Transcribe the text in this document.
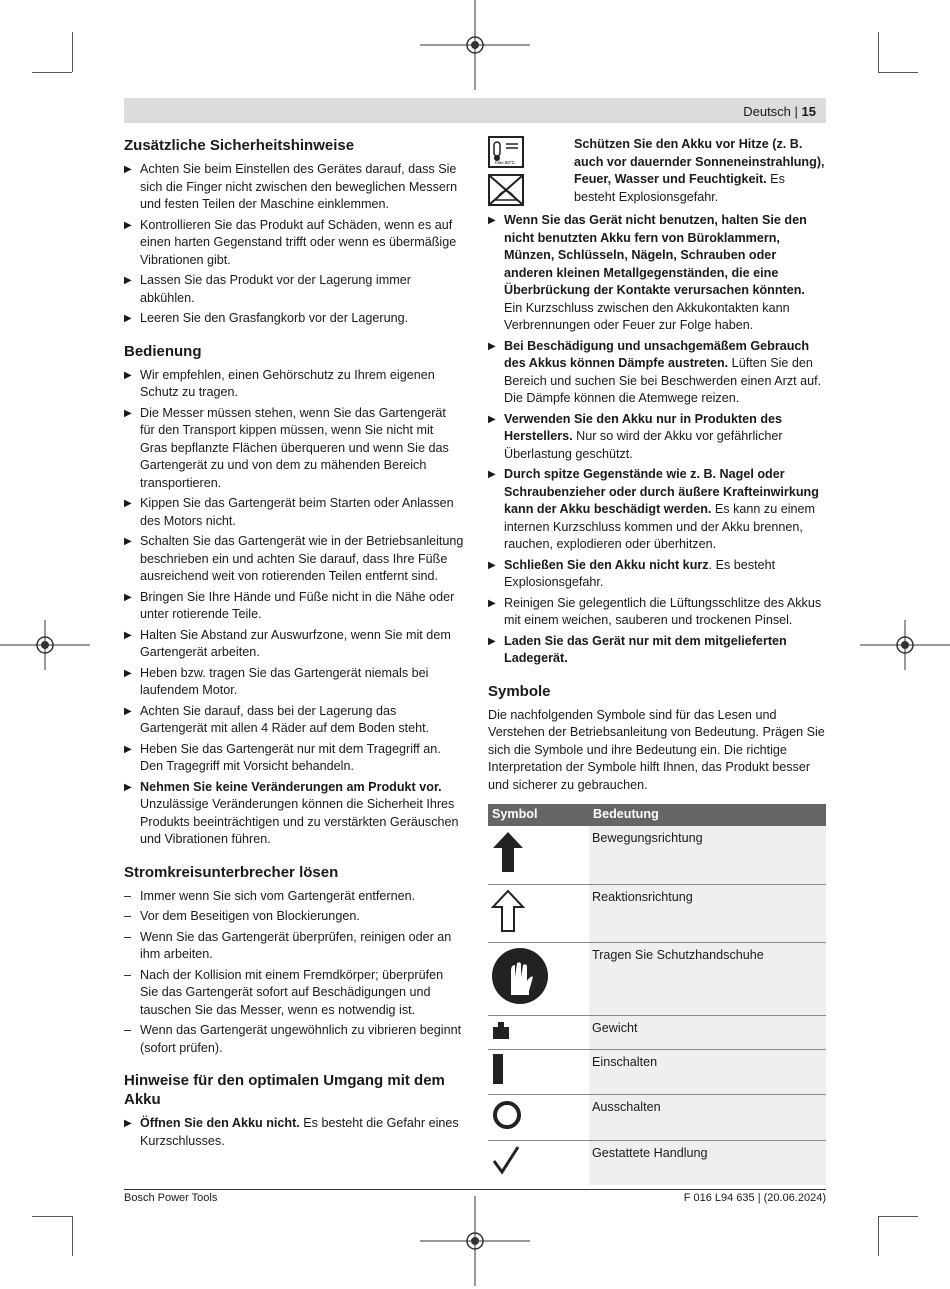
Deutsch | 15
Zusätzliche Sicherheitshinweise
▶ Achten Sie beim Einstellen des Gerätes darauf, dass Sie sich die Finger nicht zwischen den beweglichen Messern und festen Teilen der Maschine einklemmen.
▶ Kontrollieren Sie das Produkt auf Schäden, wenn es auf einen harten Gegenstand trifft oder wenn es übermäßige Vibrationen gibt.
▶ Lassen Sie das Produkt vor der Lagerung immer abkühlen.
▶ Leeren Sie den Grasfangkorb vor der Lagerung.
Bedienung
▶ Wir empfehlen, einen Gehörschutz zu Ihrem eigenen Schutz zu tragen.
▶ Die Messer müssen stehen, wenn Sie das Gartengerät für den Transport kippen müssen, wenn Sie nicht mit Gras bepflanzte Flächen überqueren und wenn Sie das Gartengerät zu und von dem zu mähenden Bereich transportieren.
▶ Kippen Sie das Gartengerät beim Starten oder Anlassen des Motors nicht.
▶ Schalten Sie das Gartengerät wie in der Betriebsanleitung beschrieben ein und achten Sie darauf, dass Ihre Füße ausreichend weit von rotierenden Teilen entfernt sind.
▶ Bringen Sie Ihre Hände und Füße nicht in die Nähe oder unter rotierende Teile.
▶ Halten Sie Abstand zur Auswurfzone, wenn Sie mit dem Gartengerät arbeiten.
▶ Heben bzw. tragen Sie das Gartengerät niemals bei laufendem Motor.
▶ Achten Sie darauf, dass bei der Lagerung das Gartengerät mit allen 4 Räder auf dem Boden steht.
▶ Heben Sie das Gartengerät nur mit dem Tragegriff an. Den Tragegriff mit Vorsicht behandeln.
▶ Nehmen Sie keine Veränderungen am Produkt vor. Unzulässige Veränderungen können die Sicherheit Ihres Produkts beeinträchtigen und zu verstärkten Geräuschen und Vibrationen führen.
Stromkreisunterbrecher lösen
– Immer wenn Sie sich vom Gartengerät entfernen.
– Vor dem Beseitigen von Blockierungen.
– Wenn Sie das Gartengerät überprüfen, reinigen oder an ihm arbeiten.
– Nach der Kollision mit einem Fremdkörper; überprüfen Sie das Gartengerät sofort auf Beschädigungen und tauschen Sie das Messer, wenn es notwendig ist.
– Wenn das Gartengerät ungewöhnlich zu vibrieren beginnt (sofort prüfen).
Hinweise für den optimalen Umgang mit dem Akku
▶ Öffnen Sie den Akku nicht. Es besteht die Gefahr eines Kurzschlusses.
max.50°C
Schützen Sie den Akku vor Hitze (z. B. auch vor dauernder Sonneneinstrahlung), Feuer, Wasser und Feuchtigkeit. Es besteht Explosionsgefahr.
▶ Wenn Sie das Gerät nicht benutzen, halten Sie den nicht benutzten Akku fern von Büroklammern, Münzen, Schlüsseln, Nägeln, Schrauben oder anderen kleinen Metallgegenständen, die eine Überbrückung der Kontakte verursachen könnten. Ein Kurzschluss zwischen den Akkukontakten kann Verbrennungen oder Feuer zur Folge haben.
▶ Bei Beschädigung und unsachgemäßem Gebrauch des Akkus können Dämpfe austreten. Lüften Sie den Bereich und suchen Sie bei Beschwerden einen Arzt auf. Die Dämpfe können die Atemwege reizen.
▶ Verwenden Sie den Akku nur in Produkten des Herstellers. Nur so wird der Akku vor gefährlicher Überlastung geschützt.
▶ Durch spitze Gegenstände wie z. B. Nagel oder Schraubenzieher oder durch äußere Krafteinwirkung kann der Akku beschädigt werden. Es kann zu einem internen Kurzschluss kommen und der Akku brennen, rauchen, explodieren oder überhitzen.
▶ Schließen Sie den Akku nicht kurz. Es besteht Explosionsgefahr.
▶ Reinigen Sie gelegentlich die Lüftungsschlitze des Akkus mit einem weichen, sauberen und trockenen Pinsel.
▶ Laden Sie das Gerät nur mit dem mitgelieferten Ladegerät.
Symbole

Die nachfolgenden Symbole sind für das Lesen und Verstehen der Betriebsanleitung von Bedeutung. Prägen Sie sich die Symbole und ihre Bedeutung ein. Die richtige Interpretation der Symbole hilft Ihnen, das Produkt besser und sicherer zu gebrauchen.

Symbol	Bedeutung
	Bewegungsrichtung
	Reaktionsrichtung
	Tragen Sie Schutzhandschuhe
	Gewicht
	Einschalten
	Ausschalten
	Gestattete Handlung
Bosch Power Tools	F 016 L94 635 | (20.06.2024)
